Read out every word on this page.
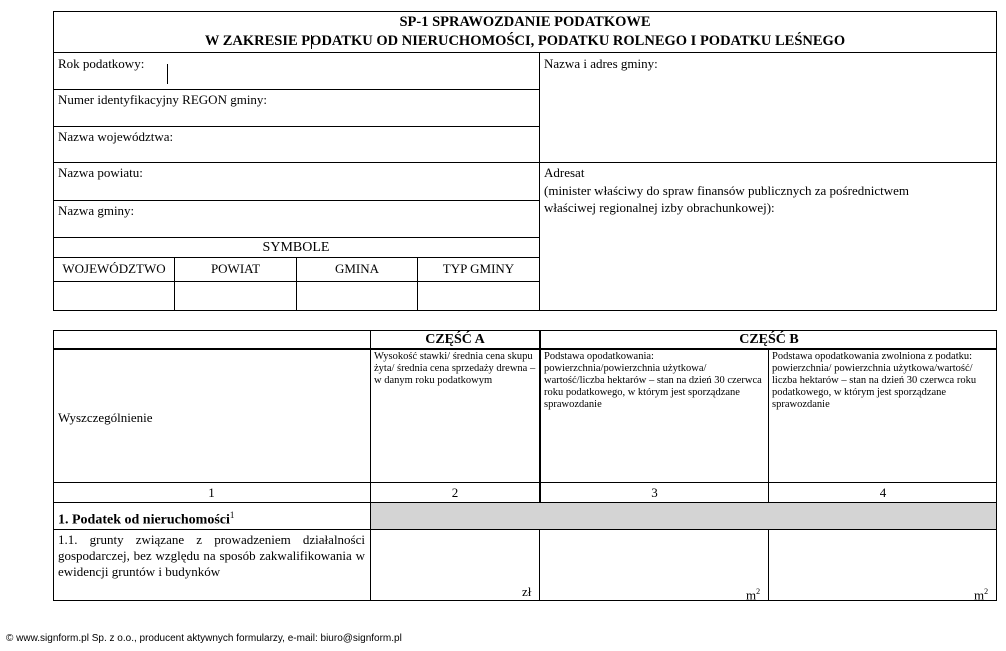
SP-1 SPRAWOZDANIE PODATKOWE
W ZAKRESIE PODATKU OD NIERUCHOMOŚCI, PODATKU ROLNEGO I PODATKU LEŚNEGO
Rok podatkowy:
Numer identyfikacyjny REGON gminy:
Nazwa województwa:
Nazwa powiatu:
Nazwa gminy:
SYMBOLE
WOJEWÓDZTWO	POWIAT	GMINA	TYP GMINY
Nazwa i adres gminy:
Adresat
(minister właściwy do spraw finansów publicznych za pośrednictwem
właściwej regionalnej izby obrachunkowej):
CZĘŚĆ A	CZĘŚĆ B
Wyszczególnienie
Wysokość stawki/ średnia cena skupu żyta/ średnia cena sprzedaży drewna – w danym roku podatkowym
Podstawa opodatkowania: powierzchnia/powierzchnia użytkowa/ wartość/liczba hektarów – stan na dzień 30 czerwca roku podatkowego, w którym jest sporządzane sprawozdanie
Podstawa opodatkowania zwolniona z podatku: powierzchnia/ powierzchnia użytkowa/wartość/ liczba hektarów – stan na dzień 30 czerwca roku podatkowego, w którym jest sporządzane sprawozdanie
1	2	3	4
1. Podatek od nieruchomości$^1$
1.1. grunty związane z prowadzeniem działalności gospodarczej, bez względu na sposób zakwalifikowania w ewidencji gruntów i budynków
zł	$m^2$	$m^2$
© www.signform.pl Sp. z o.o., producent aktywnych formularzy, e-mail: biuro@signform.pl
